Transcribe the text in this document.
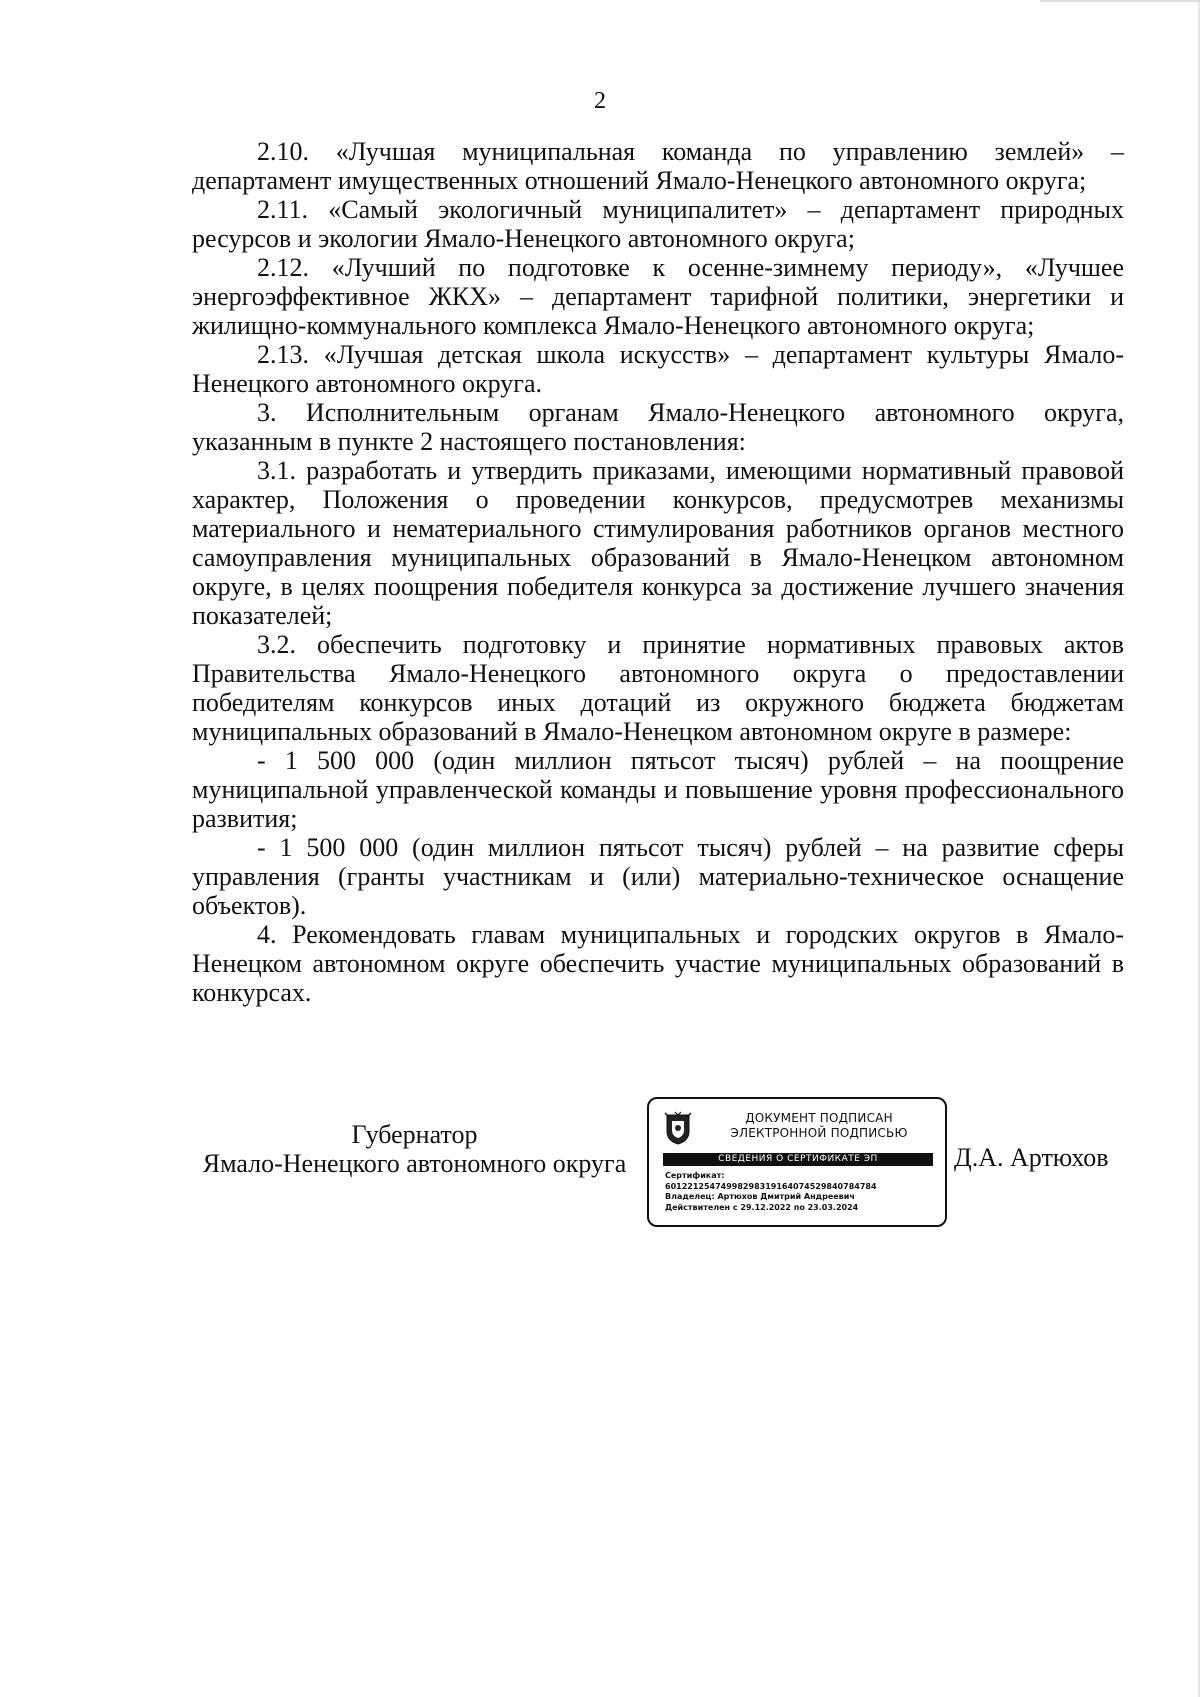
2

2.10. «Лучшая муниципальная команда по управлению землей» – департамент имущественных отношений Ямало-Ненецкого автономного округа;

2.11. «Самый экологичный муниципалитет» – департамент природных ресурсов и экологии Ямало-Ненецкого автономного округа;

2.12. «Лучший по подготовке к осенне-зимнему периоду», «Лучшее энергоэффективное ЖКХ» – департамент тарифной политики, энергетики и жилищно-коммунального комплекса Ямало-Ненецкого автономного округа;

2.13. «Лучшая детская школа искусств» – департамент культуры Ямало-Ненецкого автономного округа.

3. Исполнительным органам Ямало-Ненецкого автономного округа, указанным в пункте 2 настоящего постановления:

3.1. разработать и утвердить приказами, имеющими нормативный правовой характер, Положения о проведении конкурсов, предусмотрев механизмы материального и нематериального стимулирования работников органов местного самоуправления муниципальных образований в Ямало-Ненецком автономном округе, в целях поощрения победителя конкурса за достижение лучшего значения показателей;

3.2. обеспечить подготовку и принятие нормативных правовых актов Правительства Ямало-Ненецкого автономного округа о предоставлении победителям конкурсов иных дотаций из окружного бюджета бюджетам муниципальных образований в Ямало-Ненецком автономном округе в размере:

- 1 500 000 (один миллион пятьсот тысяч) рублей – на поощрение муниципальной управленческой команды и повышение уровня профессионального развития;

- 1 500 000 (один миллион пятьсот тысяч) рублей – на развитие сферы управления (гранты участникам и (или) материально-техническое оснащение объектов).

4. Рекомендовать главам муниципальных и городских округов в Ямало-Ненецком автономном округе обеспечить участие муниципальных образований в конкурсах.

Губернатор
Ямало-Ненецкого автономного округа
ДОКУМЕНТ ПОДПИСАН
ЭЛЕКТРОННОЙ ПОДПИСЬЮ
СВЕДЕНИЯ О СЕРТИФИКАТЕ ЭП
Сертификат:
6012212547499829831916407452984078478​4
Владелец: Артюхов Дмитрий Андреевич
Действителен с 29.12.2022 по 23.03.2024
Д.А. Артюхов
